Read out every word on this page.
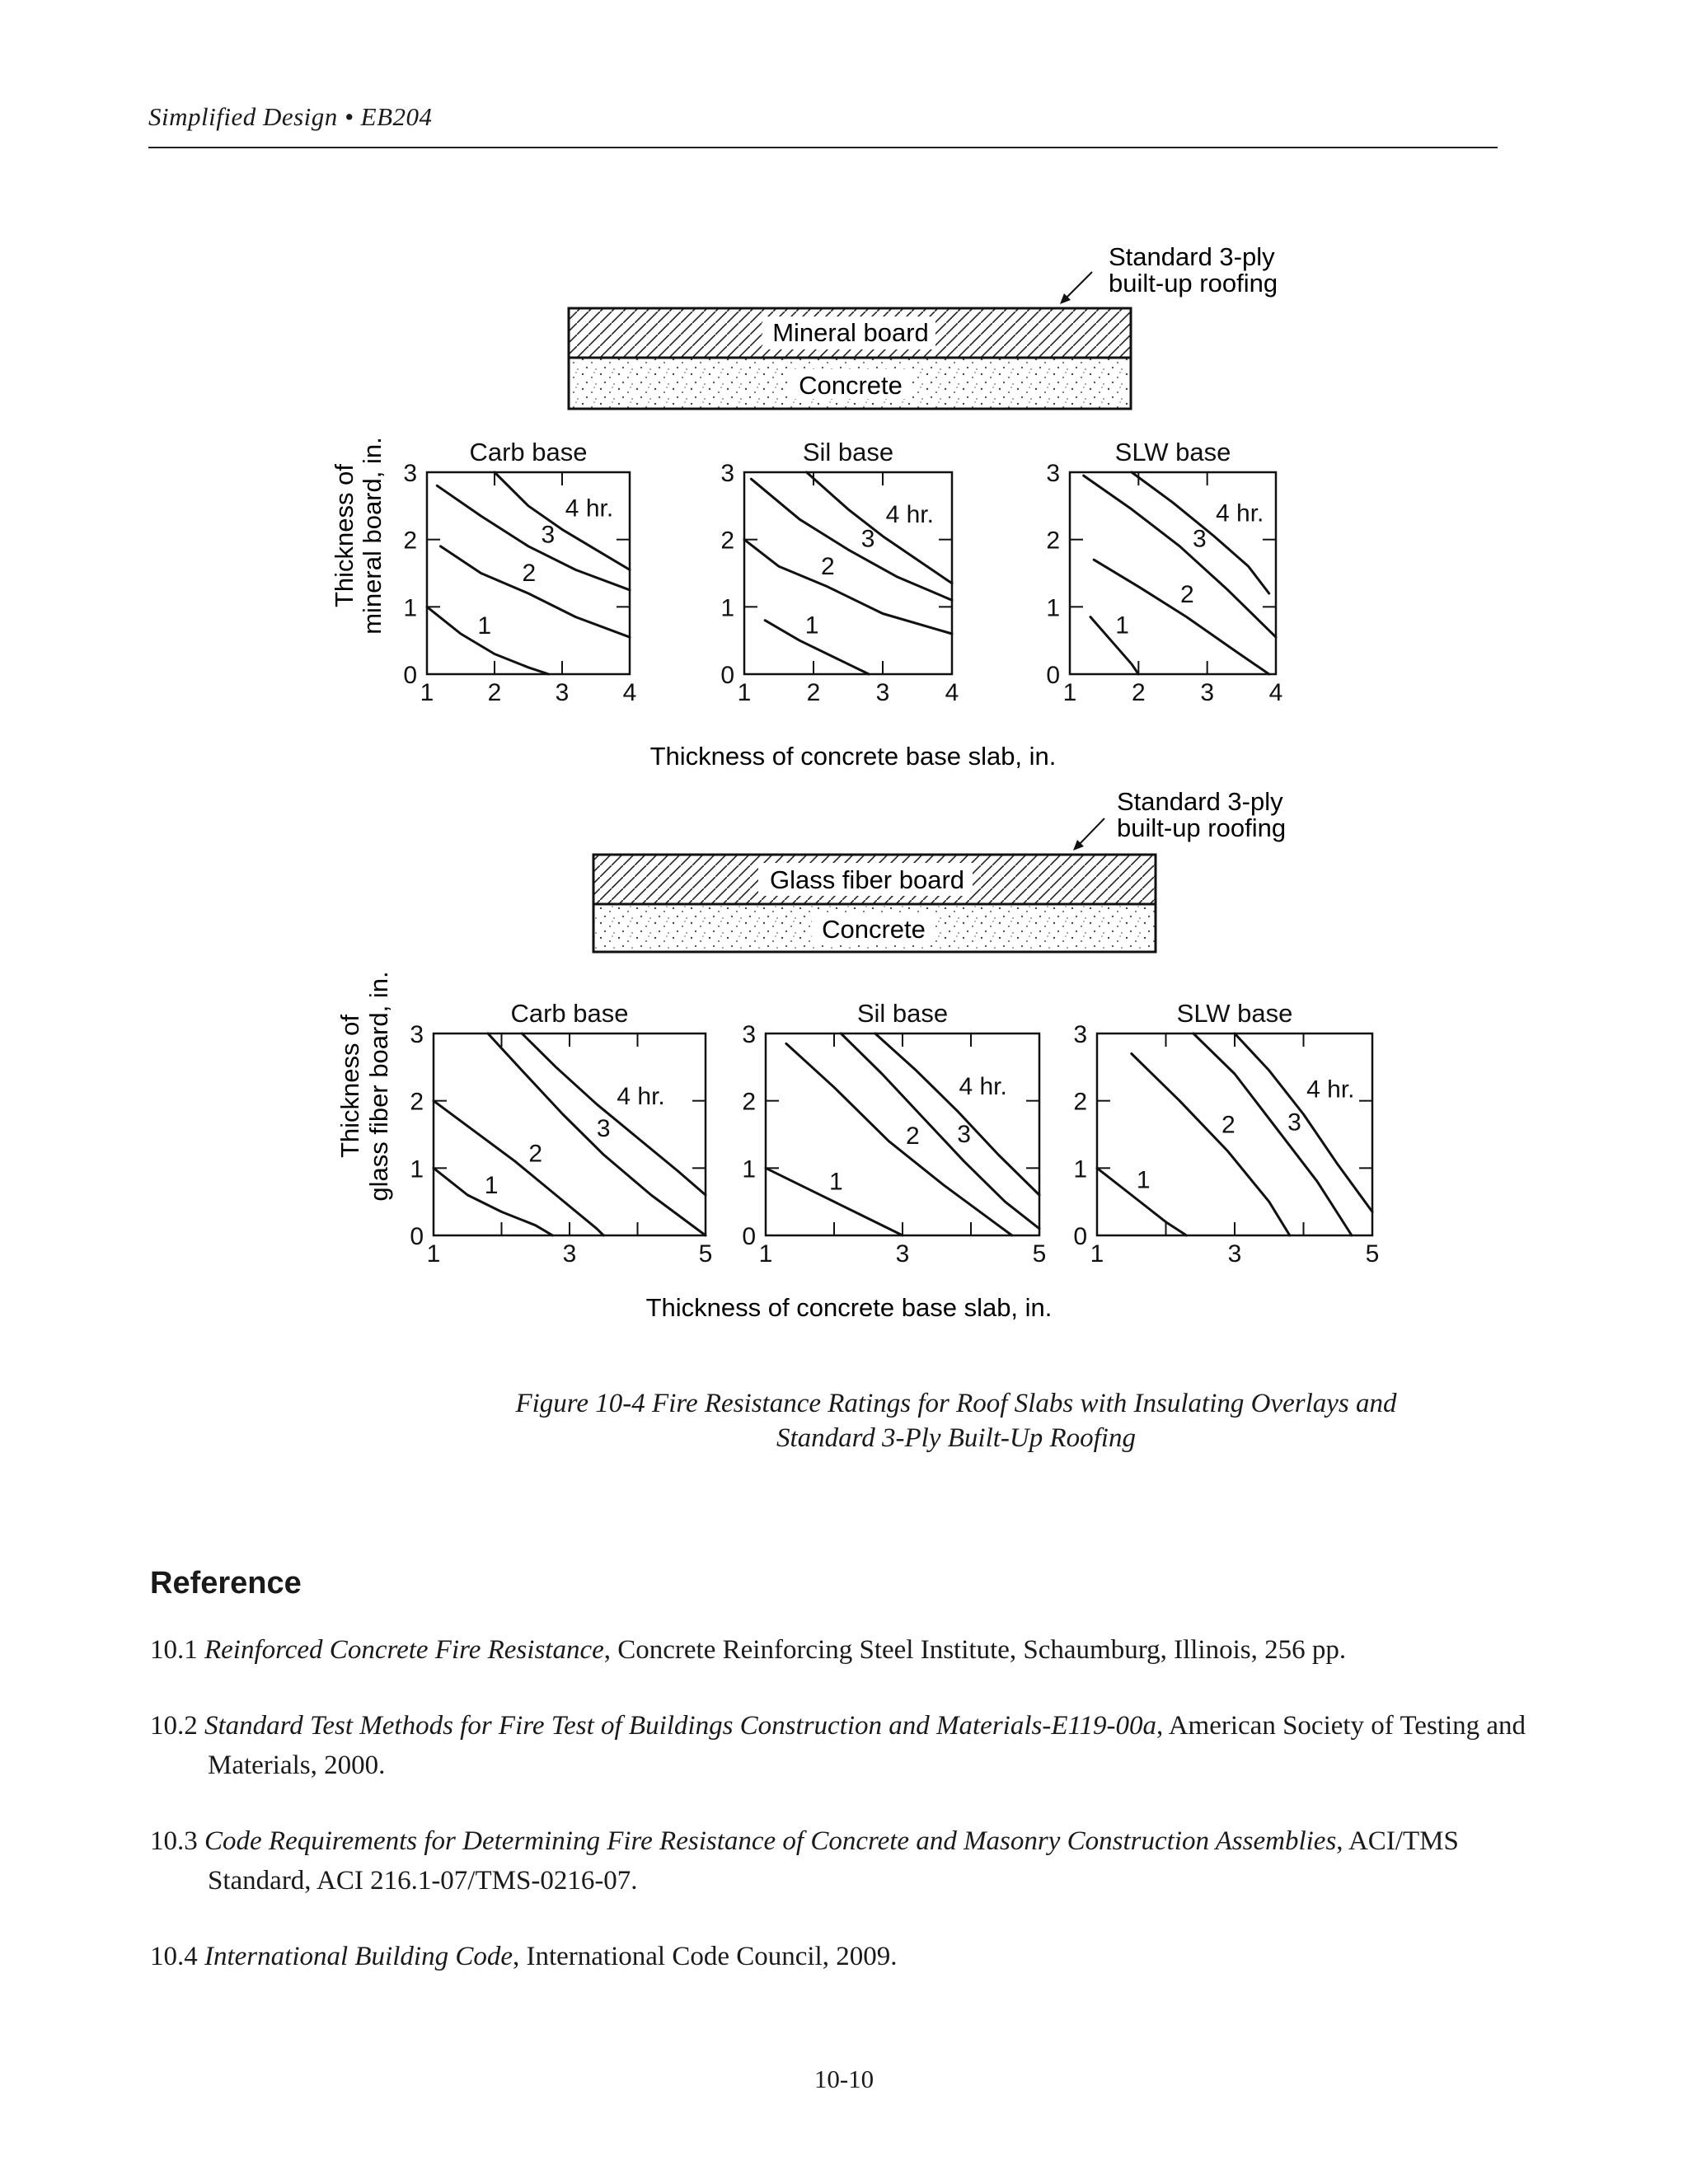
Simplified Design • EB204
Mineral board
Concrete
Standard 3-ply
built-up roofing
Thickness of mineral board, in.	Carb base
1 2 3 4
0
1
2
3
1
2
3
4 hr.
Sil base
1 2 3 4
0
1
2
3
1
2
3
4 hr.
SLW base
1 2 3 4
0
1
2
3
1
2
3
4 hr.
Thickness of concrete base slab, in.
Glass fiber board
Concrete
Standard 3-ply
built-up roofing
Thickness of glass fiber board, in.	Carb base
1	3	5
0
1
2
3
1
2
3
4 hr.
Sil base
1	3	5
0
1
2
3
1
2 3
4 hr.
SLW base
1	3	5
0
1
2
3
1
2 3
4 hr.
Thickness of concrete base slab, in.
Figure 10-4 Fire Resistance Ratings for Roof Slabs with Insulating Overlays and
Standard 3-Ply Built-Up Roofing
Reference
10.1 Reinforced Concrete Fire Resistance, Concrete Reinforcing Steel Institute, Schaumburg, Illinois, 256 pp.
10.2 Standard Test Methods for Fire Test of Buildings Construction and Materials-E119-00a, American Society of Testing and Materials, 2000.
10.3 Code Requirements for Determining Fire Resistance of Concrete and Masonry Construction Assemblies, ACI/TMS Standard, ACI 216.1-07/TMS-0216-07.
10.4 International Building Code, International Code Council, 2009.
10-10
